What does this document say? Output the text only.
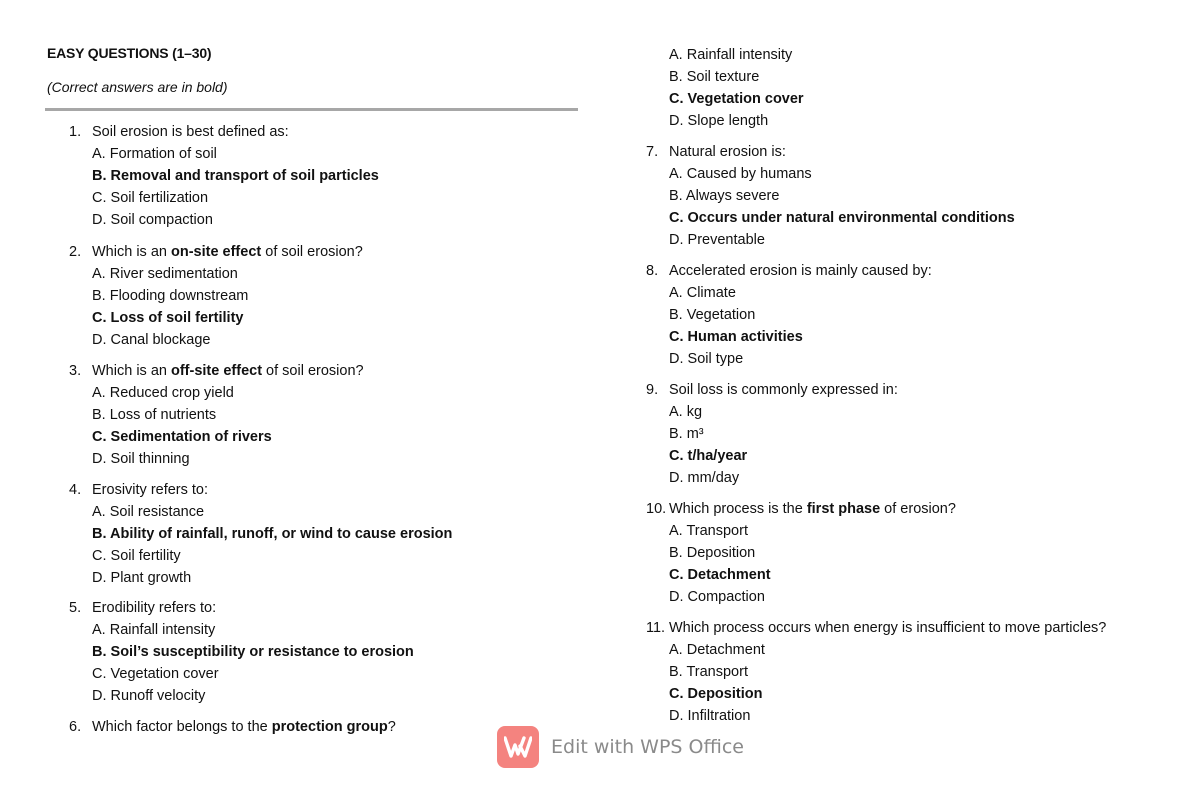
EASY QUESTIONS (1–30)
(Correct answers are in bold)
1. Soil erosion is best defined as:
A. Formation of soil
B. Removal and transport of soil particles
C. Soil fertilization
D. Soil compaction
2. Which is an on-site effect of soil erosion?
A. River sedimentation
B. Flooding downstream
C. Loss of soil fertility
D. Canal blockage
3. Which is an off-site effect of soil erosion?
A. Reduced crop yield
B. Loss of nutrients
C. Sedimentation of rivers
D. Soil thinning
4. Erosivity refers to:
A. Soil resistance
B. Ability of rainfall, runoff, or wind to cause erosion
C. Soil fertility
D. Plant growth
5. Erodibility refers to:
A. Rainfall intensity
B. Soil’s susceptibility or resistance to erosion
C. Vegetation cover
D. Runoff velocity
6. Which factor belongs to the protection group?
A. Rainfall intensity
B. Soil texture
C. Vegetation cover
D. Slope length
7. Natural erosion is:
A. Caused by humans
B. Always severe
C. Occurs under natural environmental conditions
D. Preventable
8. Accelerated erosion is mainly caused by:
A. Climate
B. Vegetation
C. Human activities
D. Soil type
9. Soil loss is commonly expressed in:
A. kg
B. m³
C. t/ha/year
D. mm/day
10. Which process is the first phase of erosion?
A. Transport
B. Deposition
C. Detachment
D. Compaction
11. Which process occurs when energy is insufficient to move particles?
A. Detachment
B. Transport
C. Deposition
D. Infiltration
Edit with WPS Office
